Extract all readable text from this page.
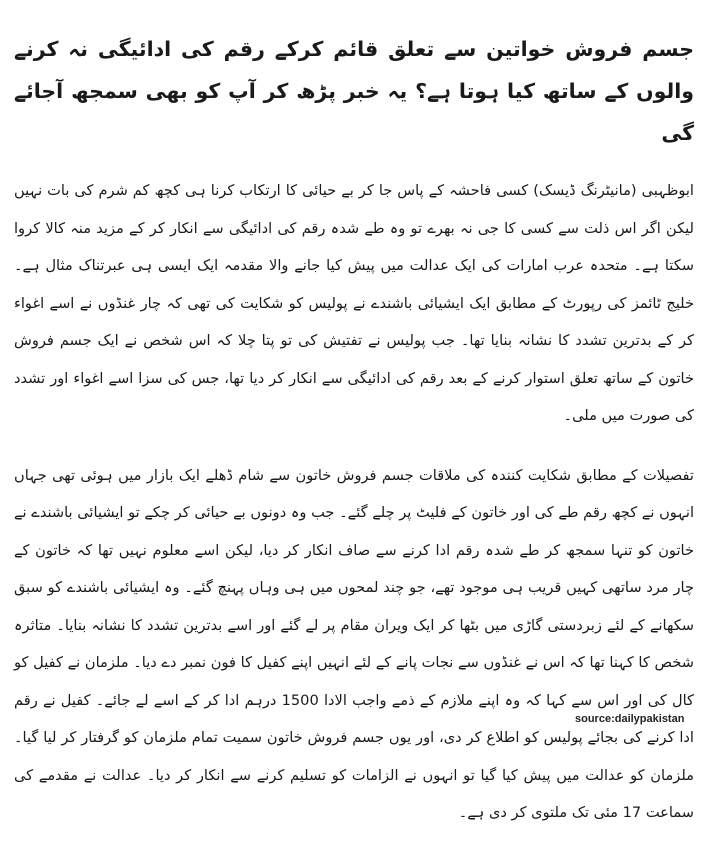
جسم فروش خواتین سے تعلق قائم کرکے رقم کی ادائیگی نہ کرنے والوں کے ساتھ کیا ہوتا ہے؟ یہ خبر پڑھ کر آپ کو بھی سمجھ آجائے گی

ابوظہبی (مانیٹرنگ ڈیسک) کسی فاحشہ کے پاس جا کر بے حیائی کا ارتکاب کرنا ہی کچھ کم شرم کی بات نہیں لیکن اگر اس ذلت سے کسی کا جی نہ بھرے تو وہ طے شدہ رقم کی ادائیگی سے انکار کر کے مزید منہ کالا کروا سکتا ہے۔ متحدہ عرب امارات کی ایک عدالت میں پیش کیا جانے والا مقدمہ ایک ایسی ہی عبرتناک مثال ہے۔ خلیج ٹائمز کی رپورٹ کے مطابق ایک ایشیائی باشندے نے پولیس کو شکایت کی تھی کہ چار غنڈوں نے اسے اغواء کر کے بدترین تشدد کا نشانہ بنایا تھا۔ جب پولیس نے تفتیش کی تو پتا چلا کہ اس شخص نے ایک جسم فروش خاتون کے ساتھ تعلق استوار کرنے کے بعد رقم کی ادائیگی سے انکار کر دیا تھا، جس کی سزا اسے اغواء اور تشدد کی صورت میں ملی۔

تفصیلات کے مطابق شکایت کنندہ کی ملاقات جسم فروش خاتون سے شام ڈھلے ایک بازار میں ہوئی تھی جہاں انہوں نے کچھ رقم طے کی اور خاتون کے فلیٹ پر چلے گئے۔ جب وہ دونوں بے حیائی کر چکے تو ایشیائی باشندے نے خاتون کو تنہا سمجھ کر طے شدہ رقم ادا کرنے سے صاف انکار کر دیا، لیکن اسے معلوم نہیں تھا کہ خاتون کے چار مرد ساتھی کہیں قریب ہی موجود تھے، جو چند لمحوں میں ہی وہاں پہنچ گئے۔ وہ ایشیائی باشندے کو سبق سکھانے کے لئے زبردستی گاڑی میں بٹھا کر ایک ویران مقام پر لے گئے اور اسے بدترین تشدد کا نشانہ بنایا۔ متاثرہ شخص کا کہنا تھا کہ اس نے غنڈوں سے نجات پانے کے لئے انہیں اپنے کفیل کا فون نمبر دے دیا۔ ملزمان نے کفیل کو کال کی اور اس سے کہا کہ وہ اپنے ملازم کے ذمے واجب الادا 1500 درہم ادا کر کے اسے لے جائے۔ کفیل نے رقم ادا کرنے کی بجائے پولیس کو اطلاع کر دی، اور یوں جسم فروش خاتون سمیت تمام ملزمان کو گرفتار کر لیا گیا۔ ملزمان کو عدالت میں پیش کیا گیا تو انہوں نے الزامات کو تسلیم کرنے سے انکار کر دیا۔ عدالت نے مقدمے کی سماعت 17 مئی تک ملتوی کر دی ہے۔

source:dailypakistan
